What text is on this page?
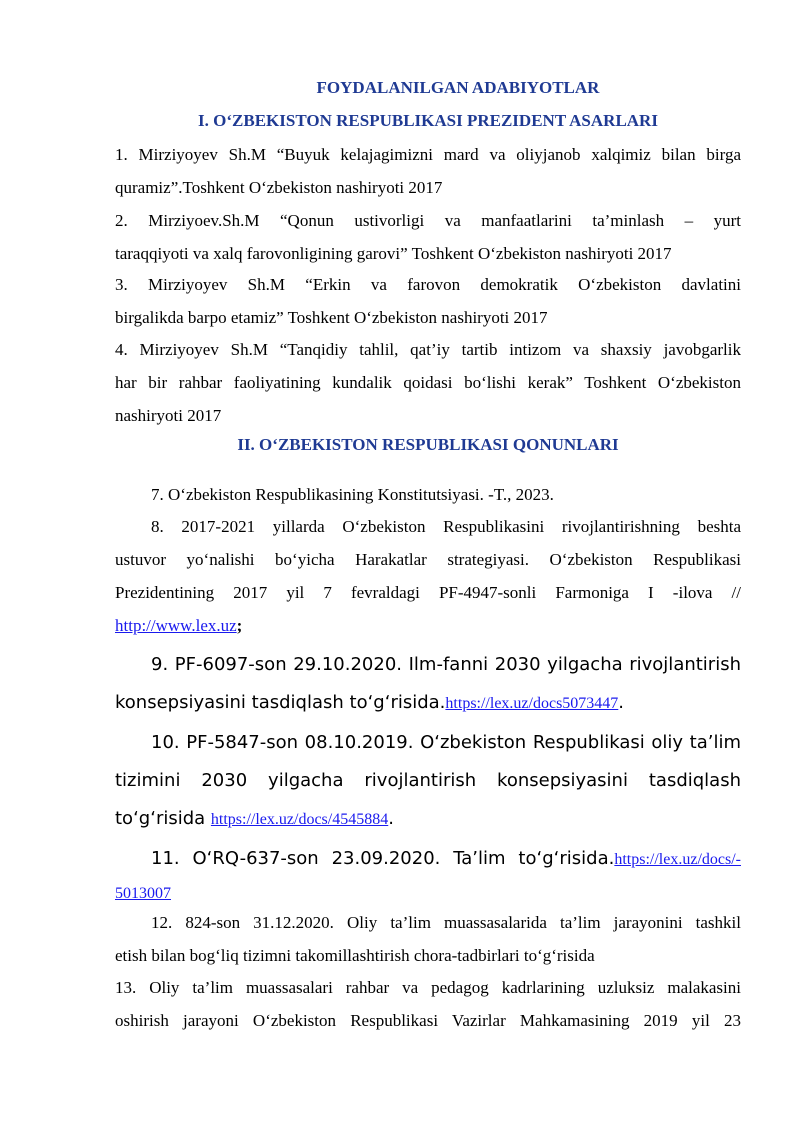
FOYDALANILGAN ADABIYOTLAR
I. O‘ZBEKISTON RESPUBLIKASI PREZIDENT ASARLARI
1. Mirziyoyev Sh.M “Buyuk kelajagimizni mard va oliyjanob xalqimiz bilan birga
quramiz”.Toshkent O‘zbekiston nashiryoti 2017
2. Mirziyoev.Sh.M “Qonun ustivorligi va manfaatlarini ta’minlash – yurt
taraqqiyoti va xalq farovonligining garovi” Toshkent O‘zbekiston nashiryoti 2017
3. Mirziyoyev Sh.M “Erkin va farovon demokratik O‘zbekiston davlatini
birgalikda barpo etamiz” Toshkent O‘zbekiston nashiryoti 2017
4. Mirziyoyev Sh.M “Tanqidiy tahlil, qat’iy tartib intizom va shaxsiy javobgarlik
har bir rahbar faoliyatining kundalik qoidasi bo‘lishi kerak” Toshkent O‘zbekiston
nashiryoti 2017
II. O‘ZBEKISTON RESPUBLIKASI QONUNLARI
7. O‘zbekiston Respublikasining Konstitutsiyasi. -T., 2023.
8. 2017-2021 yillarda O‘zbekiston Respublikasini rivojlantirishning beshta
ustuvor yo‘nalishi bo‘yicha Harakatlar strategiyasi. O‘zbekiston Respublikasi
Prezidentining 2017 yil 7 fevraldagi PF-4947-sonli Farmoniga I -ilova //
http://www.lex.uz;
9. PF-6097-son 29.10.2020. Ilm-fanni 2030 yilgacha rivojlantirish
konsepsiyasini tasdiqlash to‘g‘risida.https://lex.uz/docs5073447.
10. PF-5847-son 08.10.2019. O‘zbekiston Respublikasi oliy ta’lim
tizimini 2030 yilgacha rivojlantirish konsepsiyasini tasdiqlash
to‘g‘risida https://lex.uz/docs/4545884.
11. O‘RQ-637-son 23.09.2020. Ta’lim to‘g‘risida.https://lex.uz/docs/-
5013007
12. 824-son 31.12.2020. Oliy ta’lim muassasalarida ta’lim jarayonini tashkil
etish bilan bog‘liq tizimni takomillashtirish chora-tadbirlari to‘g‘risida
13. Oliy ta’lim muassasalari rahbar va pedagog kadrlarining uzluksiz malakasini
oshirish jarayoni O‘zbekiston Respublikasi Vazirlar Mahkamasining 2019 yil 23
